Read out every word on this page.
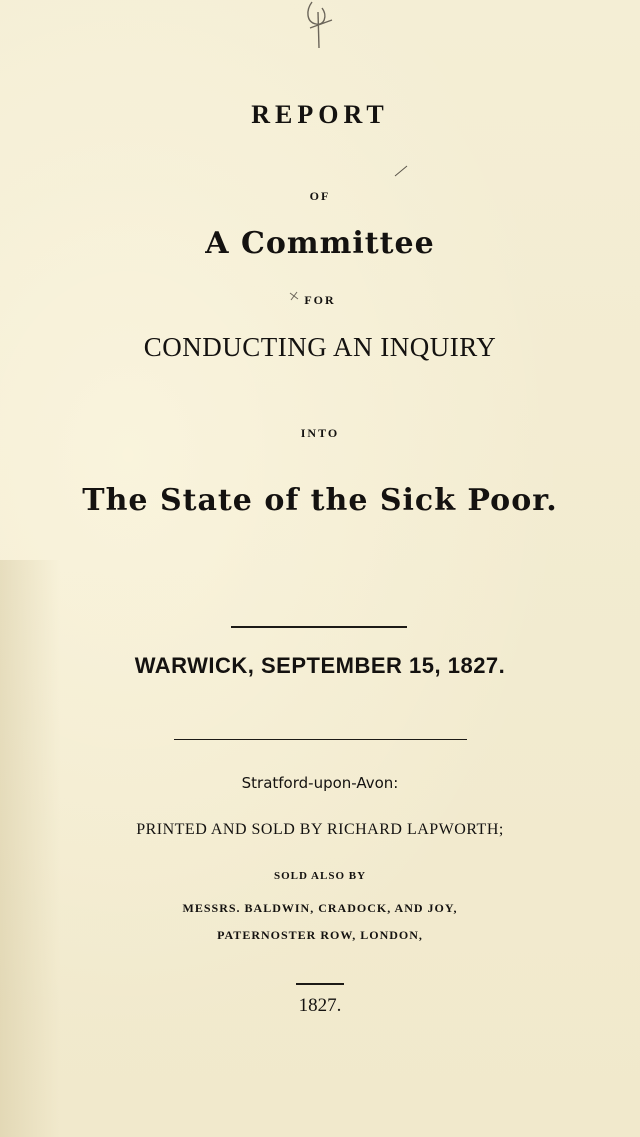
REPORT
OF
A Committee
FOR
CONDUCTING AN INQUIRY
INTO
The State of the Sick Poor.
WARWICK, SEPTEMBER 15, 1827.
Stratford-upon-Avon:
PRINTED AND SOLD BY RICHARD LAPWORTH;
SOLD ALSO BY
MESSRS. BALDWIN, CRADOCK, AND JOY,
PATERNOSTER ROW, LONDON,
1827.
